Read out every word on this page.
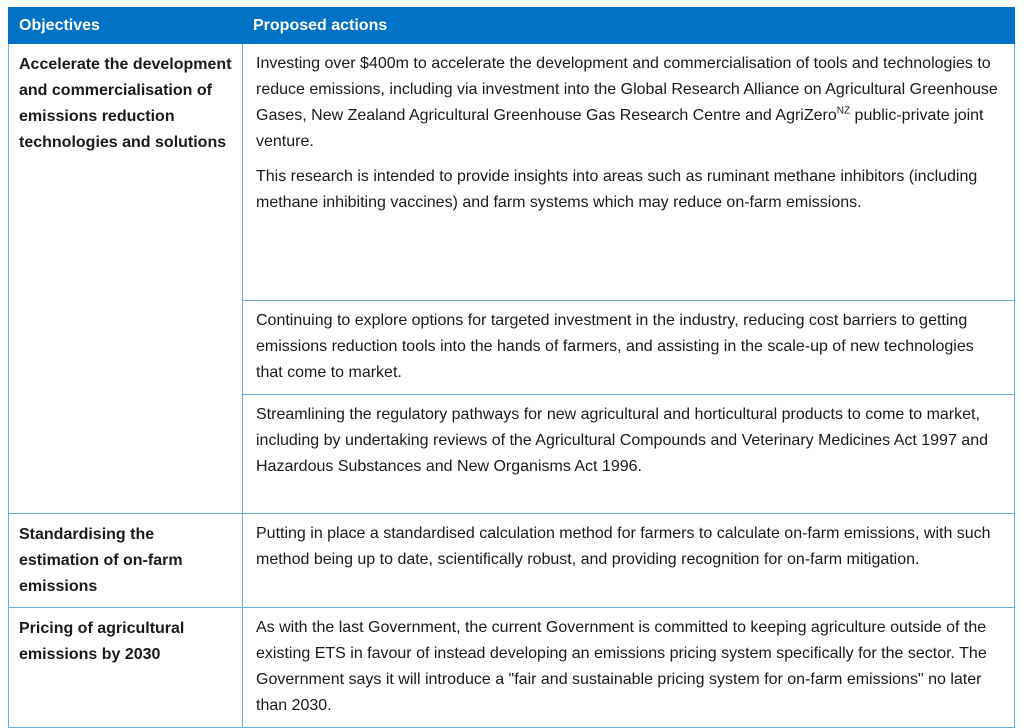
Objectives	Proposed actions
Accelerate the development and commercialisation of emissions reduction technologies and solutions	Investing over $400m to accelerate the development and commercialisation of tools and technologies to reduce emissions, including via investment into the Global Research Alliance on Agricultural Greenhouse Gases, New Zealand Agricultural Greenhouse Gas Research Centre and AgriZero$^{NZ}$ public-private joint venture.

This research is intended to provide insights into areas such as ruminant methane inhibitors (including methane inhibiting vaccines) and farm systems which may reduce on-farm emissions.

	Continuing to explore options for targeted investment in the industry, reducing cost barriers to getting emissions reduction tools into the hands of farmers, and assisting in the scale-up of new technologies that come to market.
	Streamlining the regulatory pathways for new agricultural and horticultural products to come to market, including by undertaking reviews of the Agricultural Compounds and Veterinary Medicines Act 1997 and Hazardous Substances and New Organisms Act 1996.
Standardising the estimation of on-farm emissions	Putting in place a standardised calculation method for farmers to calculate on-farm emissions, with such method being up to date, scientifically robust, and providing recognition for on-farm mitigation.
Pricing of agricultural emissions by 2030	As with the last Government, the current Government is committed to keeping agriculture outside of the existing ETS in favour of instead developing an emissions pricing system specifically for the sector. The Government says it will introduce a "fair and sustainable pricing system for on-farm emissions" no later than 2030.
